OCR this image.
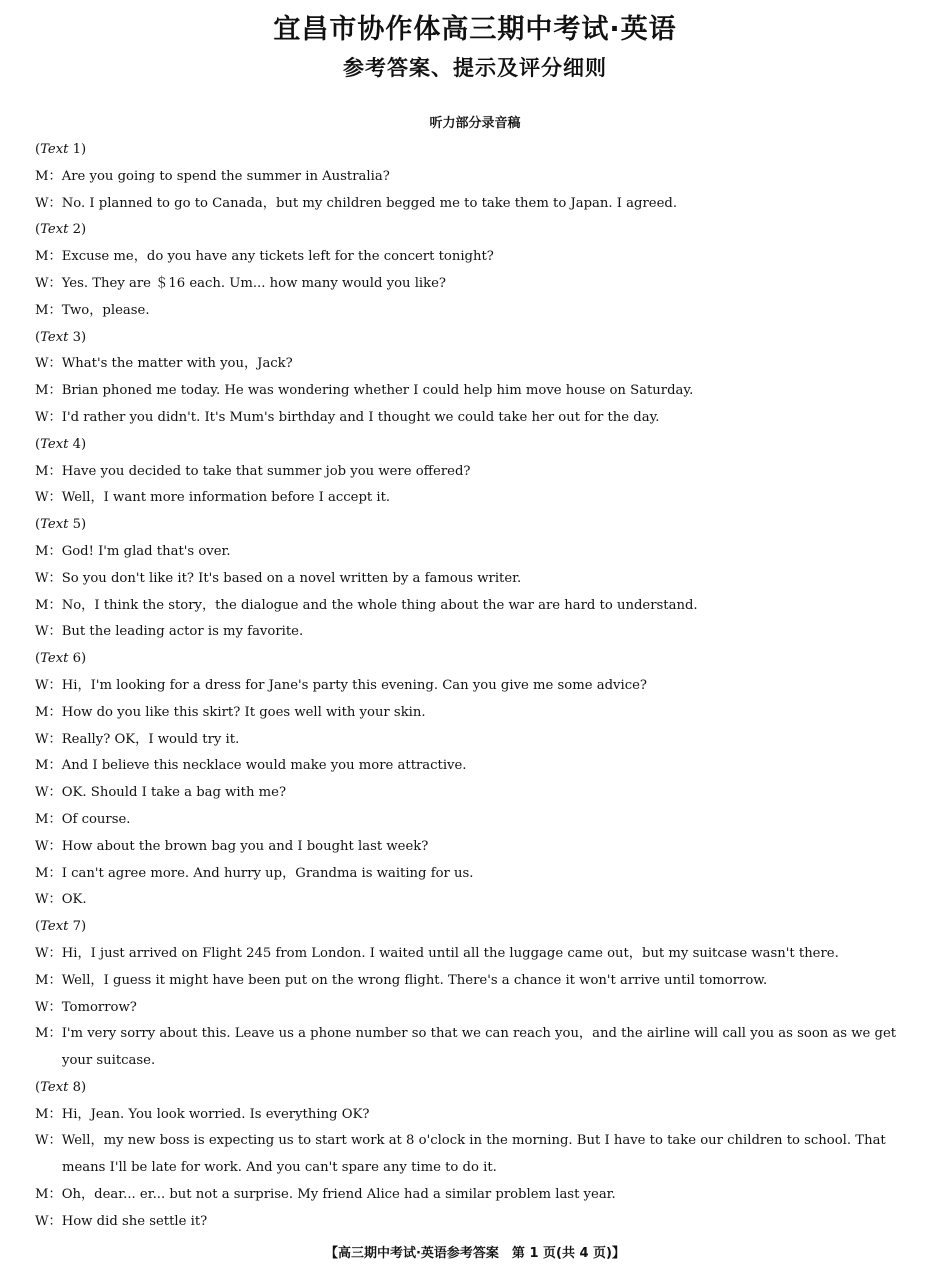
宜昌市协作体高三期中考试·英语
参考答案、提示及评分细则
听力部分录音稿
(Text 1)
M：Are you going to spend the summer in Australia?
W：No. I planned to go to Canada，but my children begged me to take them to Japan. I agreed.
(Text 2)
M：Excuse me，do you have any tickets left for the concert tonight?
W：Yes. They are ＄16 each. Um... how many would you like?
M：Two，please.
(Text 3)
W：What's the matter with you，Jack?
M：Brian phoned me today. He was wondering whether I could help him move house on Saturday.
W：I'd rather you didn't. It's Mum's birthday and I thought we could take her out for the day.
(Text 4)
M：Have you decided to take that summer job you were offered?
W：Well，I want more information before I accept it.
(Text 5)
M：God! I'm glad that's over.
W：So you don't like it? It's based on a novel written by a famous writer.
M：No，I think the story，the dialogue and the whole thing about the war are hard to understand.
W：But the leading actor is my favorite.
(Text 6)
W：Hi，I'm looking for a dress for Jane's party this evening. Can you give me some advice?
M：How do you like this skirt? It goes well with your skin.
W：Really? OK，I would try it.
M：And I believe this necklace would make you more attractive.
W：OK. Should I take a bag with me?
M：Of course.
W：How about the brown bag you and I bought last week?
M：I can't agree more. And hurry up，Grandma is waiting for us.
W：OK.
(Text 7)
W：Hi，I just arrived on Flight 245 from London. I waited until all the luggage came out，but my suitcase wasn't there.
M：Well，I guess it might have been put on the wrong flight. There's a chance it won't arrive until tomorrow.
W：Tomorrow?
M：I'm very sorry about this. Leave us a phone number so that we can reach you，and the airline will call you as soon as we get your suitcase.
(Text 8)
M：Hi，Jean. You look worried. Is everything OK?
W：Well，my new boss is expecting us to start work at 8 o'clock in the morning. But I have to take our children to school. That means I'll be late for work. And you can't spare any time to do it.
M：Oh，dear... er... but not a surprise. My friend Alice had a similar problem last year.
W：How did she settle it?
【高三期中考试·英语参考答案　第 1 页(共 4 页)】
